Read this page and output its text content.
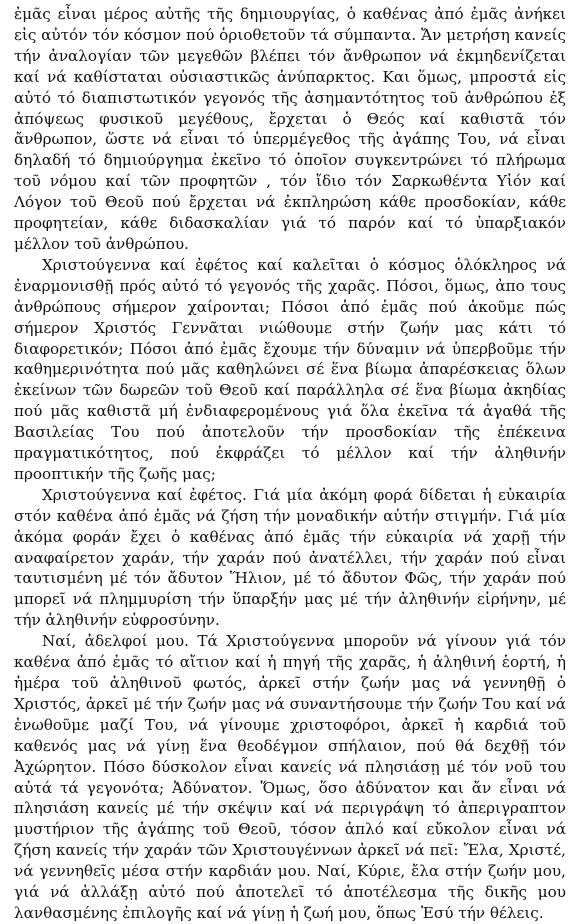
ἐμᾶς εἶναι μέρος αὐτῆς τῆς δημιουργίας, ὁ καθένας ἀπό ἐμᾶς ἀνήκει εἰς αὐτόν τόν κόσμον πού ὁριοθετοῦν τά σύμπαντα. Ἄν μετρήση κανείς τήν ἀναλογίαν τῶν μεγεθῶν βλέπει τόν ἄνθρωπον νά ἐκμηδενίζεται καί νά καθίσταται οὐσιαστικῶς ἀνύπαρκτος. Και ὅμως, μπροστά εἰς αὐτό τό διαπιστωτικόν γεγονός τῆς ἀσημαντότητος τοῦ ἀνθρώπου ἐξ ἀπόψεως φυσικοῦ μεγέθους, ἔρχεται ὁ Θεός καί καθιστᾶ τόν ἄνθρωπον, ὥστε νά εἶναι τό ὑπερμέγεθος τῆς ἀγάπης Του, νά εἶναι δηλαδή τό δημιούργημα ἐκεῖνο τό ὁποῖον συγκεντρώνει τό πλήρωμα τοῦ νόμου καί τῶν προφητῶν , τόν ἴδιο τόν Σαρκωθέντα Υἱόν καί Λόγον τοῦ Θεοῦ πού ἔρχεται νά ἐκπληρώση κάθε προσδοκίαν, κάθε προφητείαν, κάθε διδασκαλίαν γιά τό παρόν καί τό ὑπαρξιακόν μέλλον τοῦ ἀνθρώπου.

Χριστούγεννα καί ἐφέτος καί καλεῖται ὁ κόσμος ὁλόκληρος νά ἐναρμονισθῇ πρός αὐτό τό γεγονός τῆς χαρᾶς. Πόσοι, ὅμως, ἀπο τους ἀνθρώπους σήμερον χαίρονται; Πόσοι ἀπό ἐμᾶς πού ἀκοῦμε πώς σήμερον Χριστός Γεννᾶται νιώθουμε στήν ζωήν μας κάτι τό διαφορετικόν; Πόσοι ἀπό ἐμᾶς ἔχουμε τήν δύναμιν νά ὑπερβοῦμε τήν καθημερινότητα πού μᾶς καθηλώνει σέ ἕνα βίωμα ἀπαρέσκειας ὅλων ἐκείνων τῶν δωρεῶν τοῦ Θεοῦ καί παράλληλα σέ ἕνα βίωμα ἀκηδίας πού μᾶς καθιστᾶ μή ἐνδιαφερομένους γιά ὅλα ἐκεῖνα τά ἀγαθά τῆς Βασιλείας Του πού ἀποτελοῦν τήν προσδοκίαν τῆς ἐπέκεινα πραγματικότητος, πού ἐκφράζει τό μέλλον καί τήν ἀληθινήν προοπτικήν τῆς ζωῆς μας;

Χριστούγεννα καί ἐφέτος. Γιά μία ἀκόμη φορά δίδεται ἡ εὐκαιρία στόν καθένα ἀπό ἐμᾶς νά ζήση τήν μοναδικήν αὐτήν στιγμήν. Γιά μία ἀκόμα φοράν ἔχει ὁ καθένας ἀπό ἐμᾶς τήν εὐκαιρία νά χαρῇ τήν αναφαίρετον χαράν, τήν χαράν πού ἀνατέλλει, τήν χαράν πού εἶναι ταυτισμένη μέ τόν ἄδυτον Ἥλιον, μέ τό ἄδυτον Φῶς, τήν χαράν πού μπορεῖ νά πλημμυρίση τήν ὕπαρξήν μας μέ τήν ἀληθινήν εἰρήνην, μέ τήν ἀληθινήν εὐφροσύνην.

Ναί, ἀδελφοί μου. Τά Χριστούγεννα μποροῦν νά γίνουν γιά τόν καθένα ἀπό ἐμᾶς τό αἴτιον καί ἡ πηγή τῆς χαρᾶς, ἡ ἀληθινή ἑορτή, ἡ ἡμέρα τοῦ ἀληθινοῦ φωτός, ἀρκεῖ στήν ζωήν μας νά γεννηθῇ ὁ Χριστός, ἀρκεῖ μέ τήν ζωήν μας νά συναντήσουμε τήν ζωήν Του καί νά ἑνωθοῦμε μαζί Του, νά γίνουμε χριστοφόροι, ἀρκεῖ ἡ καρδιά τοῦ καθενός μας νά γίνῃ ἕνα θεοδέγμον σπήλαιον, πού θά δεχθῇ τόν Ἀχώρητον. Πόσο δύσκολον εἶναι κανείς νά πλησιάσῃ μέ τόν νοῦ του αὐτά τά γεγονότα; Ἀδύνατον. Ὅμως, ὅσο ἀδύνατον και ἄν εἶναι νά πλησιάση κανείς μέ τήν σκέψιν καί νά περιγράψη τό ἀπεριγραπτον μυστήριον τῆς ἀγάπης τοῦ Θεοῦ, τόσον ἁπλό καί εὔκολον εἶναι νά ζήση κανείς τήν χαράν τῶν Χριστουγέννων ἀρκεῖ νά πεῖ: Ἔλα, Χριστέ, νά γεννηθεῖς μέσα στήν καρδιάν μου. Ναί, Κύριε, ἔλα στήν ζωήν μου, γιά νά ἀλλάξῃ αὐτό πού ἀποτελεῖ τό ἀποτέλεσμα τῆς δικῆς μου λανθασμένης ἐπιλογῆς καί νά γίνῃ ἡ ζωή μου, ὅπως Ἐσύ τήν θέλεις.
